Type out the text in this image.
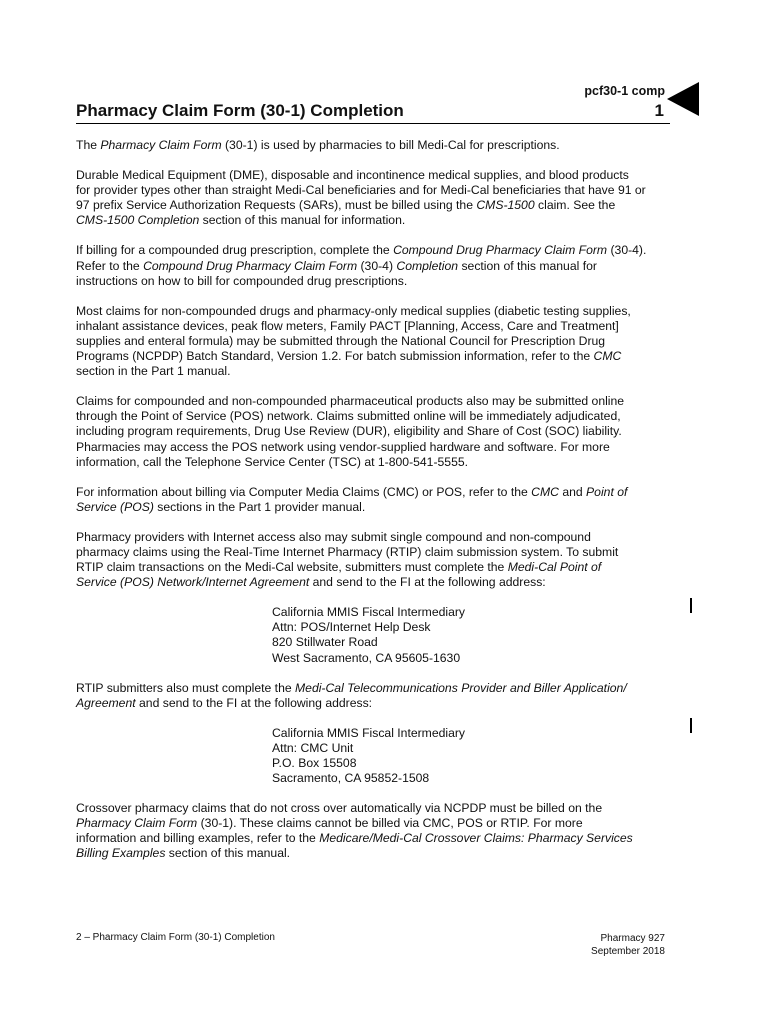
pcf30-1 comp
Pharmacy Claim Form (30-1) Completion	1

The Pharmacy Claim Form (30-1) is used by pharmacies to bill Medi-Cal for prescriptions.

Durable Medical Equipment (DME), disposable and incontinence medical supplies, and blood products

for provider types other than straight Medi-Cal beneficiaries and for Medi-Cal beneficiaries that have 91 or

97 prefix Service Authorization Requests (SARs), must be billed using the CMS-1500 claim. See the

CMS-1500 Completion section of this manual for information.

If billing for a compounded drug prescription, complete the Compound Drug Pharmacy Claim Form (30-4).

Refer to the Compound Drug Pharmacy Claim Form (30-4) Completion section of this manual for

instructions on how to bill for compounded drug prescriptions.

Most claims for non-compounded drugs and pharmacy-only medical supplies (diabetic testing supplies,

inhalant assistance devices, peak flow meters, Family PACT [Planning, Access, Care and Treatment]

supplies and enteral formula) may be submitted through the National Council for Prescription Drug

Programs (NCPDP) Batch Standard, Version 1.2. For batch submission information, refer to the CMC

section in the Part 1 manual.

Claims for compounded and non-compounded pharmaceutical products also may be submitted online

through the Point of Service (POS) network. Claims submitted online will be immediately adjudicated,

including program requirements, Drug Use Review (DUR), eligibility and Share of Cost (SOC) liability.

Pharmacies may access the POS network using vendor-supplied hardware and software. For more

information, call the Telephone Service Center (TSC) at 1-800-541-5555.

For information about billing via Computer Media Claims (CMC) or POS, refer to the CMC and Point of

Service (POS) sections in the Part 1 provider manual.

Pharmacy providers with Internet access also may submit single compound and non-compound

pharmacy claims using the Real-Time Internet Pharmacy (RTIP) claim submission system. To submit

RTIP claim transactions on the Medi-Cal website, submitters must complete the Medi-Cal Point of

Service (POS) Network/Internet Agreement and send to the FI at the following address:

California MMIS Fiscal Intermediary
Attn: POS/Internet Help Desk
820 Stillwater Road
West Sacramento, CA 95605-1630

RTIP submitters also must complete the Medi-Cal Telecommunications Provider and Biller Application/

Agreement and send to the FI at the following address:

California MMIS Fiscal Intermediary
Attn: CMC Unit
P.O. Box 15508
Sacramento, CA 95852-1508

Crossover pharmacy claims that do not cross over automatically via NCPDP must be billed on the

Pharmacy Claim Form (30-1). These claims cannot be billed via CMC, POS or RTIP. For more

information and billing examples, refer to the Medicare/Medi-Cal Crossover Claims: Pharmacy Services

Billing Examples section of this manual.

2 – Pharmacy Claim Form (30-1) Completion	Pharmacy 927
September 2018
